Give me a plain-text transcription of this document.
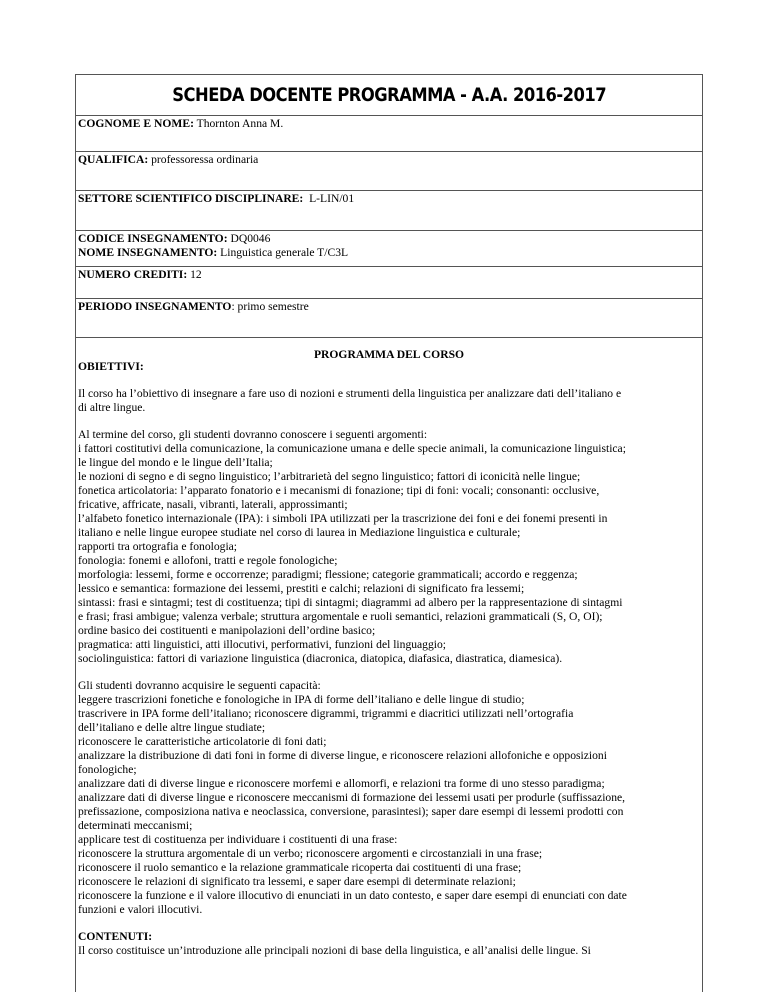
SCHEDA DOCENTE PROGRAMMA - A.A. 2016-2017
COGNOME E NOME: Thornton Anna M.
QUALIFICA: professoressa ordinaria
SETTORE SCIENTIFICO DISCIPLINARE:  L-LIN/01
CODICE INSEGNAMENTO: DQ0046
NOME INSEGNAMENTO: Linguistica generale T/C3L
NUMERO CREDITI: 12
PERIODO INSEGNAMENTO: primo semestre
PROGRAMMA DEL CORSO
OBIETTIVI:

Il corso ha l’obiettivo di insegnare a fare uso di nozioni e strumenti della linguistica per analizzare dati dell’italiano e
di altre lingue.

Al termine del corso, gli studenti dovranno conoscere i seguenti argomenti:
i fattori costitutivi della comunicazione, la comunicazione umana e delle specie animali, la comunicazione linguistica;
le lingue del mondo e le lingue dell’Italia;
le nozioni di segno e di segno linguistico; l’arbitrarietà del segno linguistico; fattori di iconicità nelle lingue;
fonetica articolatoria: l’apparato fonatorio e i mecanismi di fonazione; tipi di foni: vocali; consonanti: occlusive,
fricative, affricate, nasali, vibranti, laterali, approssimanti;
l’alfabeto fonetico internazionale (IPA): i simboli IPA utilizzati per la trascrizione dei foni e dei fonemi presenti in
italiano e nelle lingue europee studiate nel corso di laurea in Mediazione linguistica e culturale;
rapporti tra ortografia e fonologia;
fonologia: fonemi e allofoni, tratti e regole fonologiche;
morfologia: lessemi, forme e occorrenze; paradigmi; flessione; categorie grammaticali; accordo e reggenza;
lessico e semantica: formazione dei lessemi, prestiti e calchi; relazioni di significato fra lessemi;
sintassi: frasi e sintagmi; test di costituenza; tipi di sintagmi; diagrammi ad albero per la rappresentazione di sintagmi
e frasi; frasi ambigue; valenza verbale; struttura argomentale e ruoli semantici, relazioni grammaticali (S, O, OI);
ordine basico dei costituenti e manipolazioni dell’ordine basico;
pragmatica: atti linguistici, atti illocutivi, performativi, funzioni del linguaggio;
sociolinguistica: fattori di variazione linguistica (diacronica, diatopica, diafasica, diastratica, diamesica).

Gli studenti dovranno acquisire le seguenti capacità:
leggere trascrizioni fonetiche e fonologiche in IPA di forme dell’italiano e delle lingue di studio;
trascrivere in IPA forme dell’italiano; riconoscere digrammi, trigrammi e diacritici utilizzati nell’ortografia
dell’italiano e delle altre lingue studiate;
riconoscere le caratteristiche articolatorie di foni dati;
analizzare la distribuzione di dati foni in forme di diverse lingue, e riconoscere relazioni allofoniche e opposizioni
fonologiche;
analizzare dati di diverse lingue e riconoscere morfemi e allomorfi, e relazioni tra forme di uno stesso paradigma;
analizzare dati di diverse lingue e riconoscere meccanismi di formazione dei lessemi usati per produrle (suffissazione,
prefissazione, composiziona nativa e neoclassica, conversione, parasintesi); saper dare esempi di lessemi prodotti con
determinati meccanismi;
applicare test di costituenza per individuare i costituenti di una frase:
riconoscere la struttura argomentale di un verbo; riconoscere argomenti e circostanziali in una frase;
riconoscere il ruolo semantico e la relazione grammaticale ricoperta dai costituenti di una frase;
riconoscere le relazioni di significato tra lessemi, e saper dare esempi di determinate relazioni;
riconoscere la funzione e il valore illocutivo di enunciati in un dato contesto, e saper dare esempi di enunciati con date
funzioni e valori illocutivi.

CONTENUTI:

Il corso costituisce un’introduzione alle principali nozioni di base della linguistica, e all’analisi delle lingue. Si
